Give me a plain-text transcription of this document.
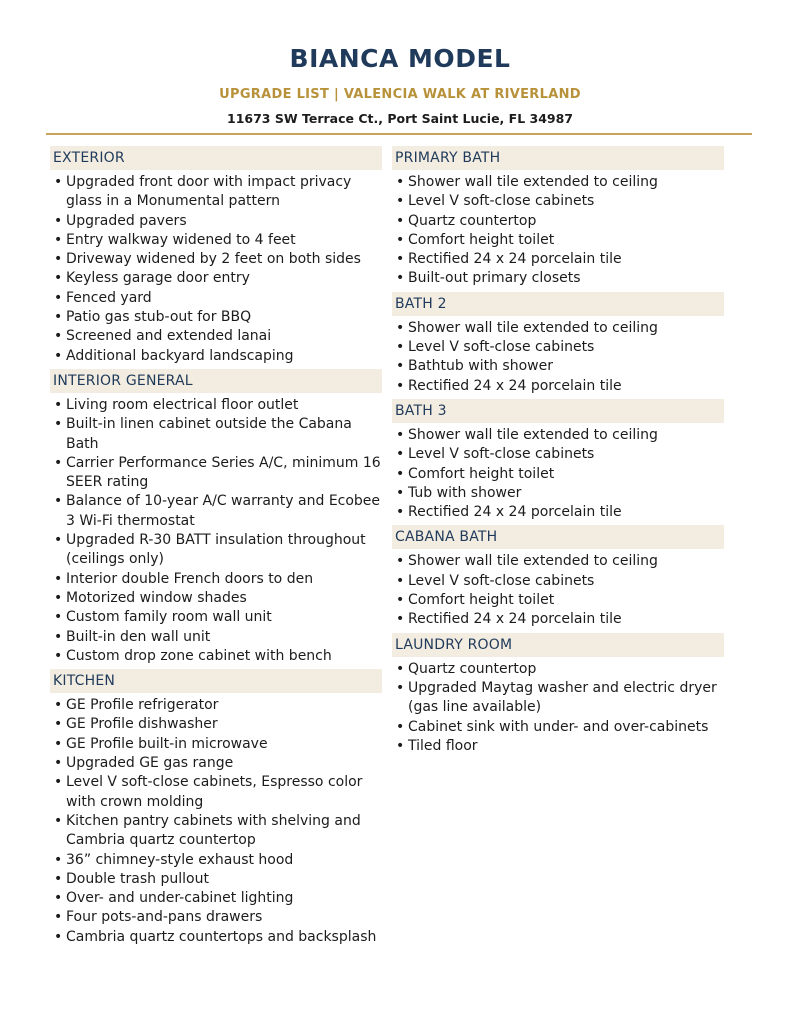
BIANCA MODEL
UPGRADE LIST | VALENCIA WALK AT RIVERLAND
11673 SW Terrace Ct., Port Saint Lucie, FL 34987
EXTERIOR
• Upgraded front door with impact privacy glass in a Monumental pattern
• Upgraded pavers
• Entry walkway widened to 4 feet
• Driveway widened by 2 feet on both sides
• Keyless garage door entry
• Fenced yard
• Patio gas stub-out for BBQ
• Screened and extended lanai
• Additional backyard landscaping
INTERIOR GENERAL
• Living room electrical floor outlet
• Built-in linen cabinet outside the Cabana Bath
• Carrier Performance Series A/C, minimum 16 SEER rating
• Balance of 10-year A/C warranty and Ecobee 3 Wi-Fi thermostat
• Upgraded R-30 BATT insulation throughout (ceilings only)
• Interior double French doors to den
• Motorized window shades
• Custom family room wall unit
• Built-in den wall unit
• Custom drop zone cabinet with bench
KITCHEN
• GE Profile refrigerator
• GE Profile dishwasher
• GE Profile built-in microwave
• Upgraded GE gas range
• Level V soft-close cabinets, Espresso color with crown molding
• Kitchen pantry cabinets with shelving and Cambria quartz countertop
• 36” chimney-style exhaust hood
• Double trash pullout
• Over- and under-cabinet lighting
• Four pots-and-pans drawers
• Cambria quartz countertops and backsplash
PRIMARY BATH
• Shower wall tile extended to ceiling
• Level V soft-close cabinets
• Quartz countertop
• Comfort height toilet
• Rectified 24 x 24 porcelain tile
• Built-out primary closets
BATH 2
• Shower wall tile extended to ceiling
• Level V soft-close cabinets
• Bathtub with shower
• Rectified 24 x 24 porcelain tile
BATH 3
• Shower wall tile extended to ceiling
• Level V soft-close cabinets
• Comfort height toilet
• Tub with shower
• Rectified 24 x 24 porcelain tile
CABANA BATH
• Shower wall tile extended to ceiling
• Level V soft-close cabinets
• Comfort height toilet
• Rectified 24 x 24 porcelain tile
LAUNDRY ROOM
• Quartz countertop
• Upgraded Maytag washer and electric dryer (gas line available)
• Cabinet sink with under- and over-cabinets
• Tiled floor
